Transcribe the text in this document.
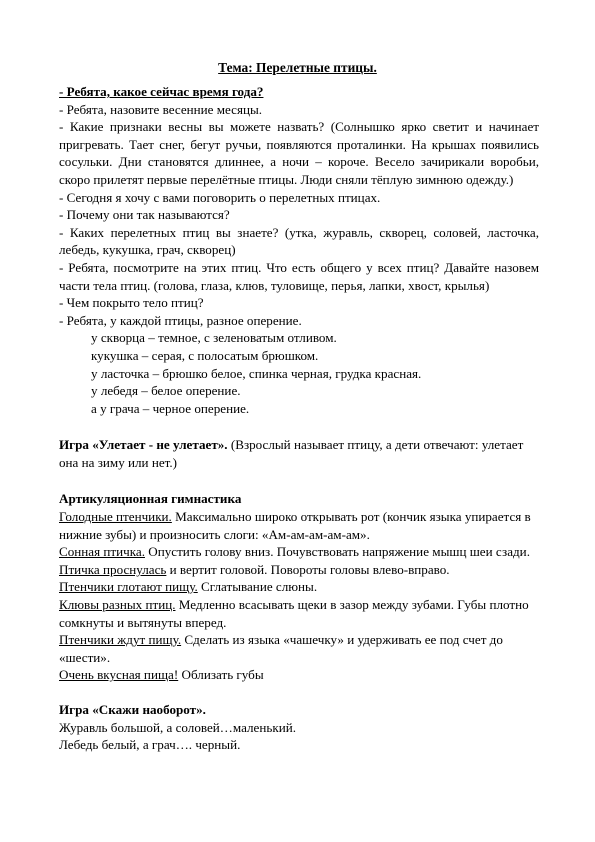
Тема: Перелетные птицы.

- Ребята, какое сейчас время года?

- Ребята, назовите весенние месяцы.

- Какие признаки весны вы можете назвать? (Солнышко ярко светит и начинает пригревать. Тает снег, бегут ручьи, появляются проталинки. На крышах появились сосульки. Дни становятся длиннее, а ночи – короче. Весело зачирикали воробьи, скоро прилетят первые перелётные птицы. Люди сняли тёплую зимнюю одежду.)

- Сегодня я хочу с вами поговорить о перелетных птицах.

- Почему они так называются?

- Каких перелетных птиц вы знаете? (утка, журавль, скворец, соловей, ласточка, лебедь, кукушка, грач, скворец)

- Ребята, посмотрите на этих птиц. Что есть общего у всех птиц? Давайте назовем части тела птиц. (голова, глаза, клюв, туловище, перья, лапки, хвост, крылья)

- Чем покрыто тело птиц?

- Ребята, у каждой птицы, разное оперение.

у скворца – темное, с зеленоватым отливом.

кукушка – серая, с полосатым брюшком.

у ласточка – брюшко белое, спинка черная, грудка красная.

у лебедя – белое оперение.

а у грача – черное оперение.

Игра «Улетает - не улетает». (Взрослый называет птицу, а дети отвечают: улетает она на зиму или нет.)

Артикуляционная гимнастика

Голодные птенчики. Максимально широко открывать рот (кончик языка упирается в нижние зубы) и произносить слоги: «Ам-ам-ам-ам-ам».

Сонная птичка. Опустить голову вниз. Почувствовать напряжение мышц шеи сзади.

Птичка проснулась и вертит головой. Повороты головы влево-вправо.

Птенчики глотают пищу. Сглатывание слюны.

Клювы разных птиц. Медленно всасывать щеки в зазор между зубами. Губы плотно сомкнуты и вытянуты вперед.

Птенчики ждут пищу. Сделать из языка «чашечку» и удерживать ее под счет до «шести».

Очень вкусная пища! Облизать губы

Игра «Скажи наоборот».

Журавль большой, а соловей…маленький.

Лебедь белый, а грач…. черный.
